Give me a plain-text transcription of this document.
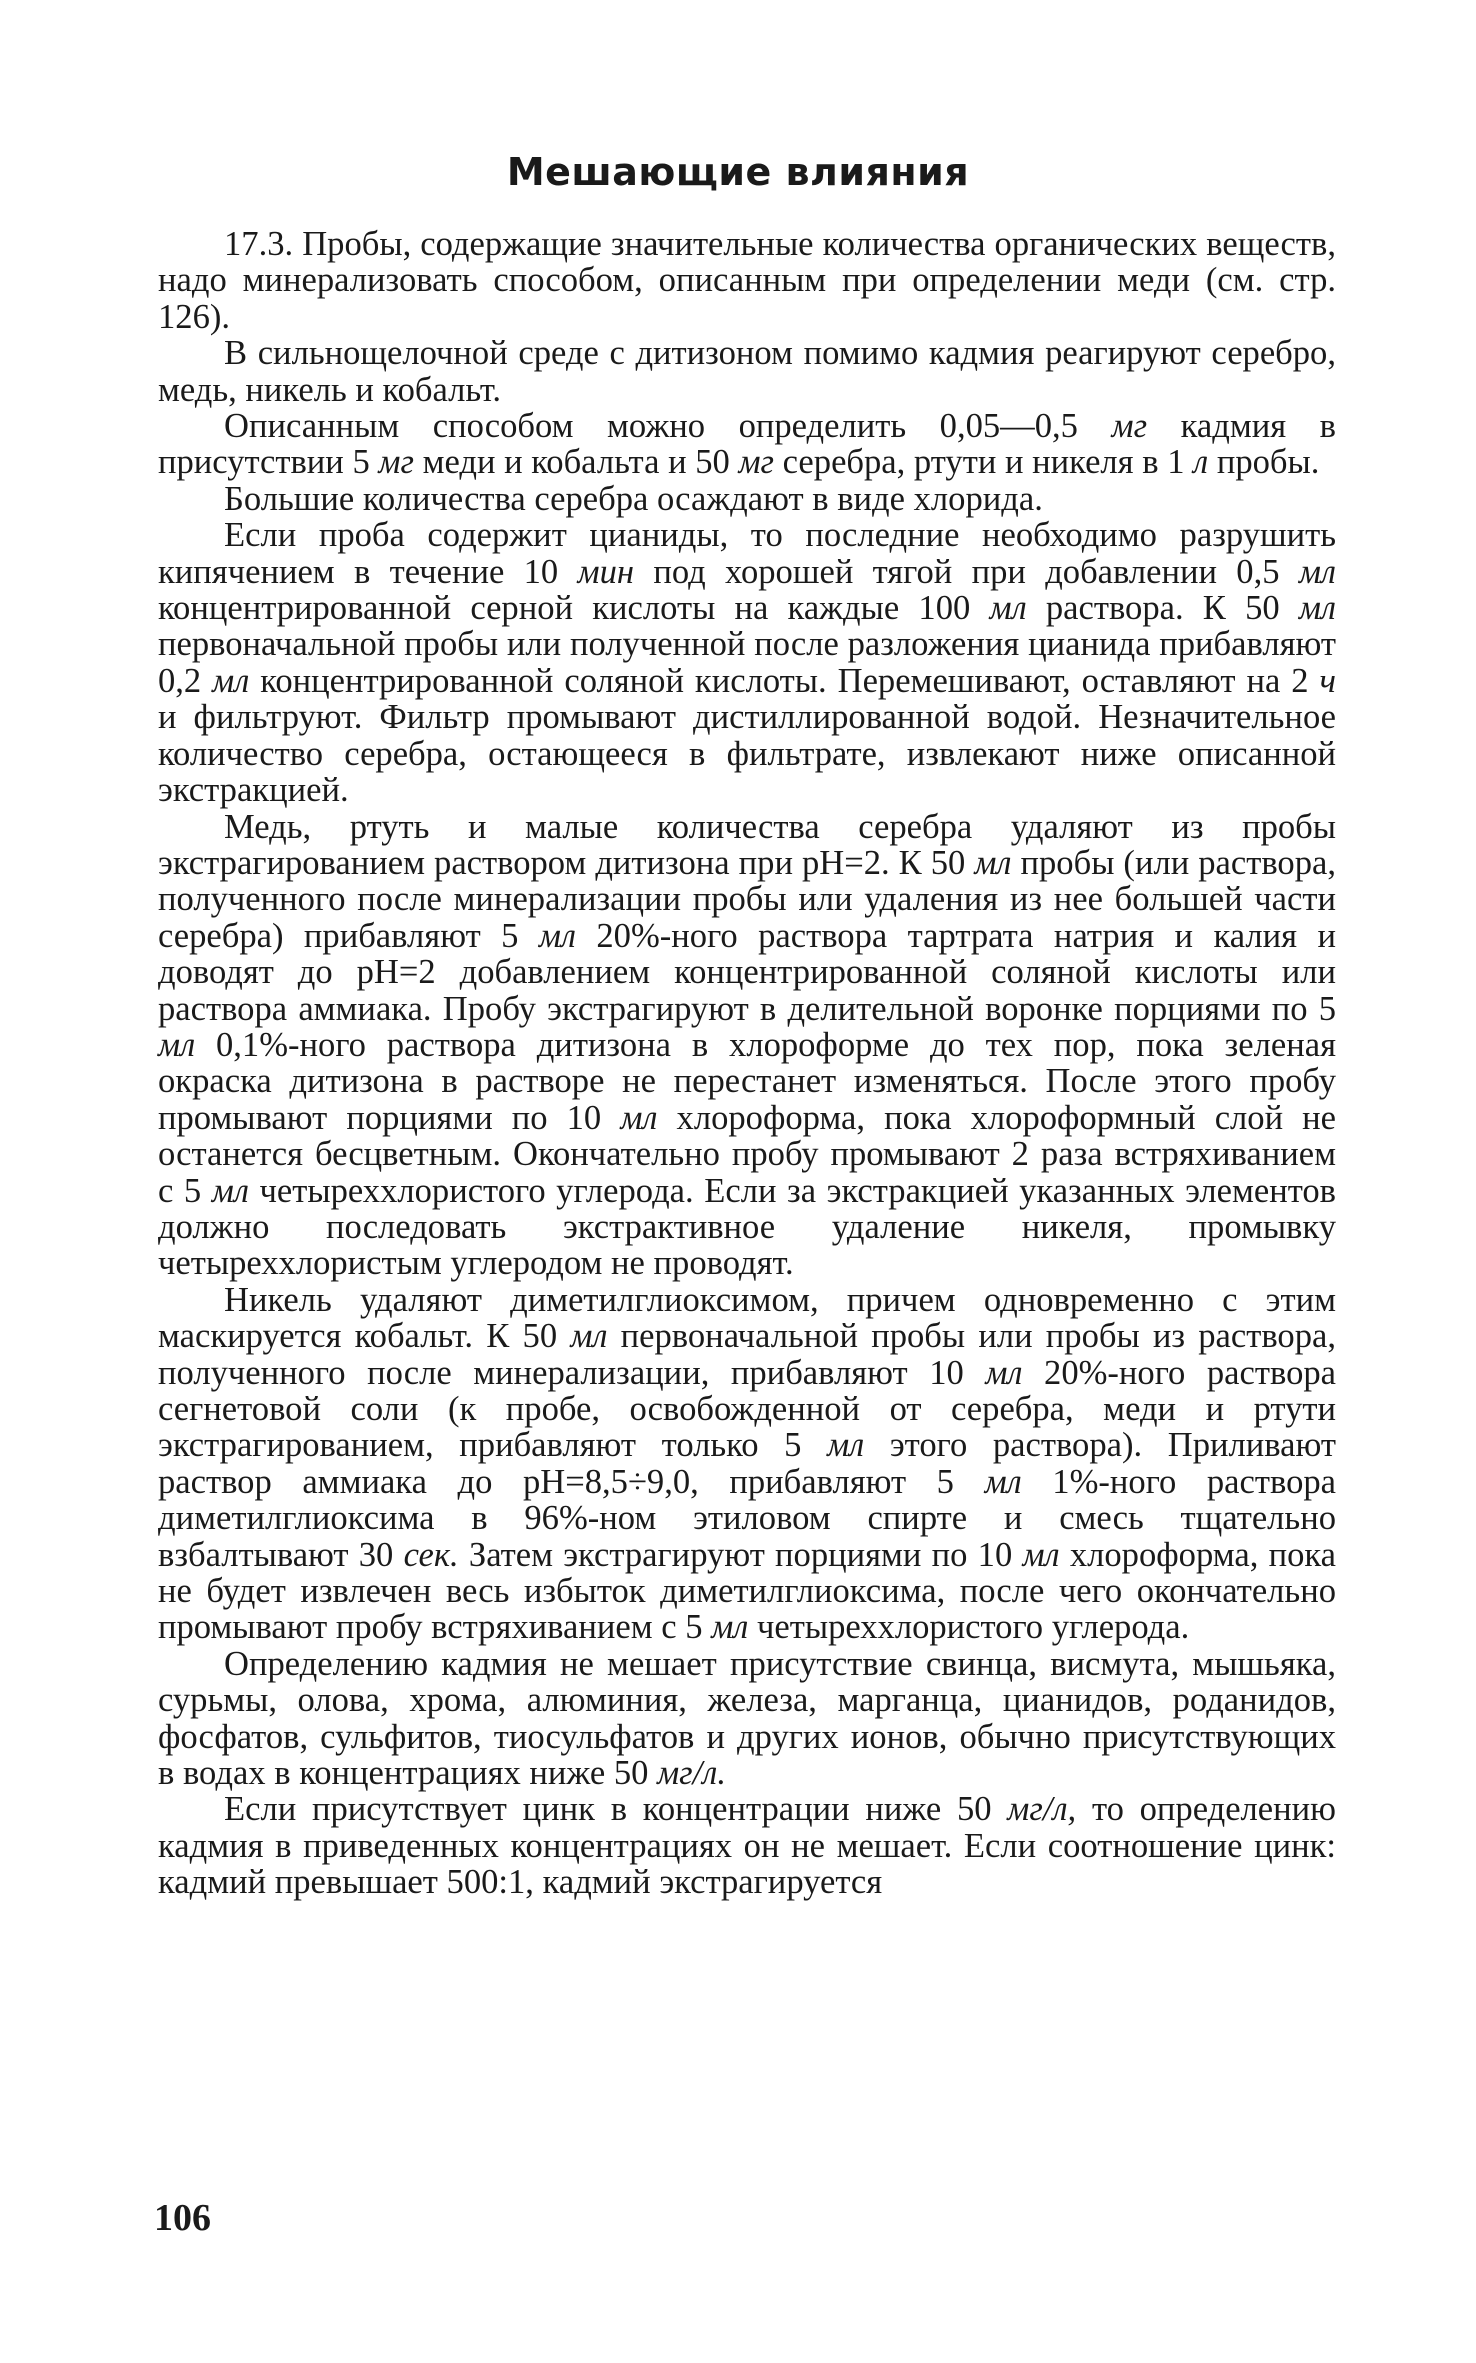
Мешающие влияния

17.3. Пробы, содержащие значительные количества органических веществ, надо минерализовать способом, описанным при определении меди (см. стр. 126).

В сильнощелочной среде с дитизоном помимо кадмия реагируют серебро, медь, никель и кобальт.

Описанным способом можно определить 0,05—0,5 мг кадмия в присутствии 5 мг меди и кобальта и 50 мг серебра, ртути и никеля в 1 л пробы.

Большие количества серебра осаждают в виде хлорида.

Если проба содержит цианиды, то последние необходимо разрушить кипячением в течение 10 мин под хорошей тягой при добавлении 0,5 мл концентрированной серной кислоты на каждые 100 мл раствора. К 50 мл первоначальной пробы или полученной после разложения цианида прибавляют 0,2 мл концентрированной соляной кислоты. Перемешивают, оставляют на 2 ч и фильтруют. Фильтр промывают дистиллированной водой. Незначительное количество серебра, остающееся в фильтрате, извлекают ниже описанной экстракцией.

Медь, ртуть и малые количества серебра удаляют из пробы экстрагированием раствором дитизона при pH=2. К 50 мл пробы (или раствора, полученного после минерализации пробы или удаления из нее большей части серебра) прибавляют 5 мл 20%-ного раствора тартрата натрия и калия и доводят до pH=2 добавлением концентрированной соляной кислоты или раствора аммиака. Пробу экстрагируют в делительной воронке порциями по 5 мл 0,1%-ного раствора дитизона в хлороформе до тех пор, пока зеленая окраска дитизона в растворе не перестанет изменяться. После этого пробу промывают порциями по 10 мл хлороформа, пока хлороформный слой не останется бесцветным. Окончательно пробу промывают 2 раза встряхиванием с 5 мл четыреххлористого углерода. Если за экстракцией указанных элементов должно последовать экстрактивное удаление никеля, промывку четыреххлористым углеродом не проводят.

Никель удаляют диметилглиоксимом, причем одновременно с этим маскируется кобальт. К 50 мл первоначальной пробы или пробы из раствора, полученного после минерализации, прибавляют 10 мл 20%-ного раствора сегнетовой соли (к пробе, освобожденной от серебра, меди и ртути экстрагированием, прибавляют только 5 мл этого раствора). Приливают раствор аммиака до pH=8,5÷9,0, прибавляют 5 мл 1%-ного раствора диметилглиоксима в 96%-ном этиловом спирте и смесь тщательно взбалтывают 30 сек. Затем экстрагируют порциями по 10 мл хлороформа, пока не будет извлечен весь избыток диметилглиоксима, после чего окончательно промывают пробу встряхиванием с 5 мл четыреххлористого углерода.

Определению кадмия не мешает присутствие свинца, висмута, мышьяка, сурьмы, олова, хрома, алюминия, железа, марганца, цианидов, роданидов, фосфатов, сульфитов, тиосульфатов и других ионов, обычно присутствующих в водах в концентрациях ниже 50 мг/л.

Если присутствует цинк в концентрации ниже 50 мг/л, то определению кадмия в приведенных концентрациях он не мешает. Если соотношение цинк: кадмий превышает 500:1, кадмий экстрагируется

106
